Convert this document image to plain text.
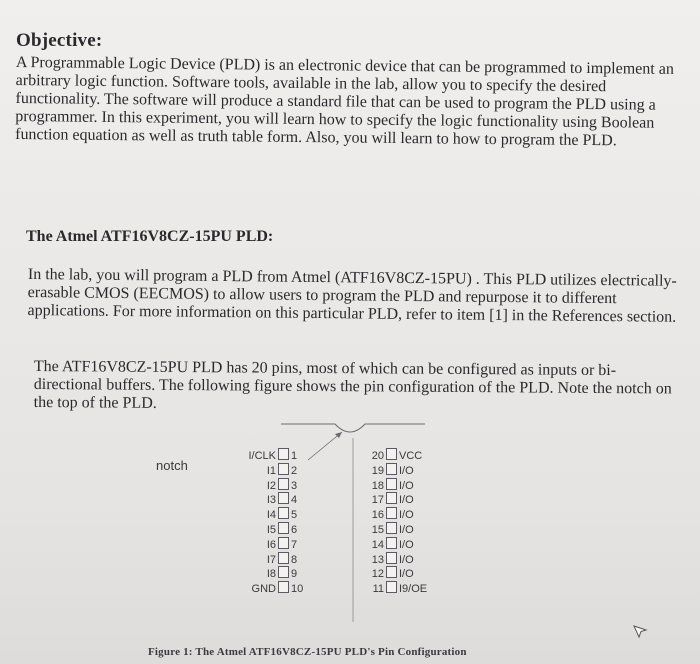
Objective:

A Programmable Logic Device (PLD) is an electronic device that can be programmed to implement an arbitrary logic function. Software tools, available in the lab, allow you to specify the desired functionality. The software will produce a standard file that can be used to program the PLD using a programmer. In this experiment, you will learn how to specify the logic functionality using Boolean function equation as well as truth table form. Also, you will learn to how to program the PLD.

The Atmel ATF16V8CZ-15PU PLD:

In the lab, you will program a PLD from Atmel (ATF16V8CZ-15PU) . This PLD utilizes electrically-erasable CMOS (EECMOS) to allow users to program the PLD and repurpose it to different applications. For more information on this particular PLD, refer to item [1] in the References section.

The ATF16V8CZ-15PU PLD has 20 pins, most of which can be configured as inputs or bi-directional buffers. The following figure shows the pin configuration of the PLD. Note the notch on the top of the PLD.

notch
I/CLK 1
I1 2
I2 3
I3 4
I4 5
I5 6
I6 7
I7 8
I8 9
GND 10
20 VCC
19 I/O
18 I/O
17 I/O
16 I/O
15 I/O
14 I/O
13 I/O
12 I/O
11 I9/OE
Figure 1: The Atmel ATF16V8CZ-15PU PLD's Pin Configuration
